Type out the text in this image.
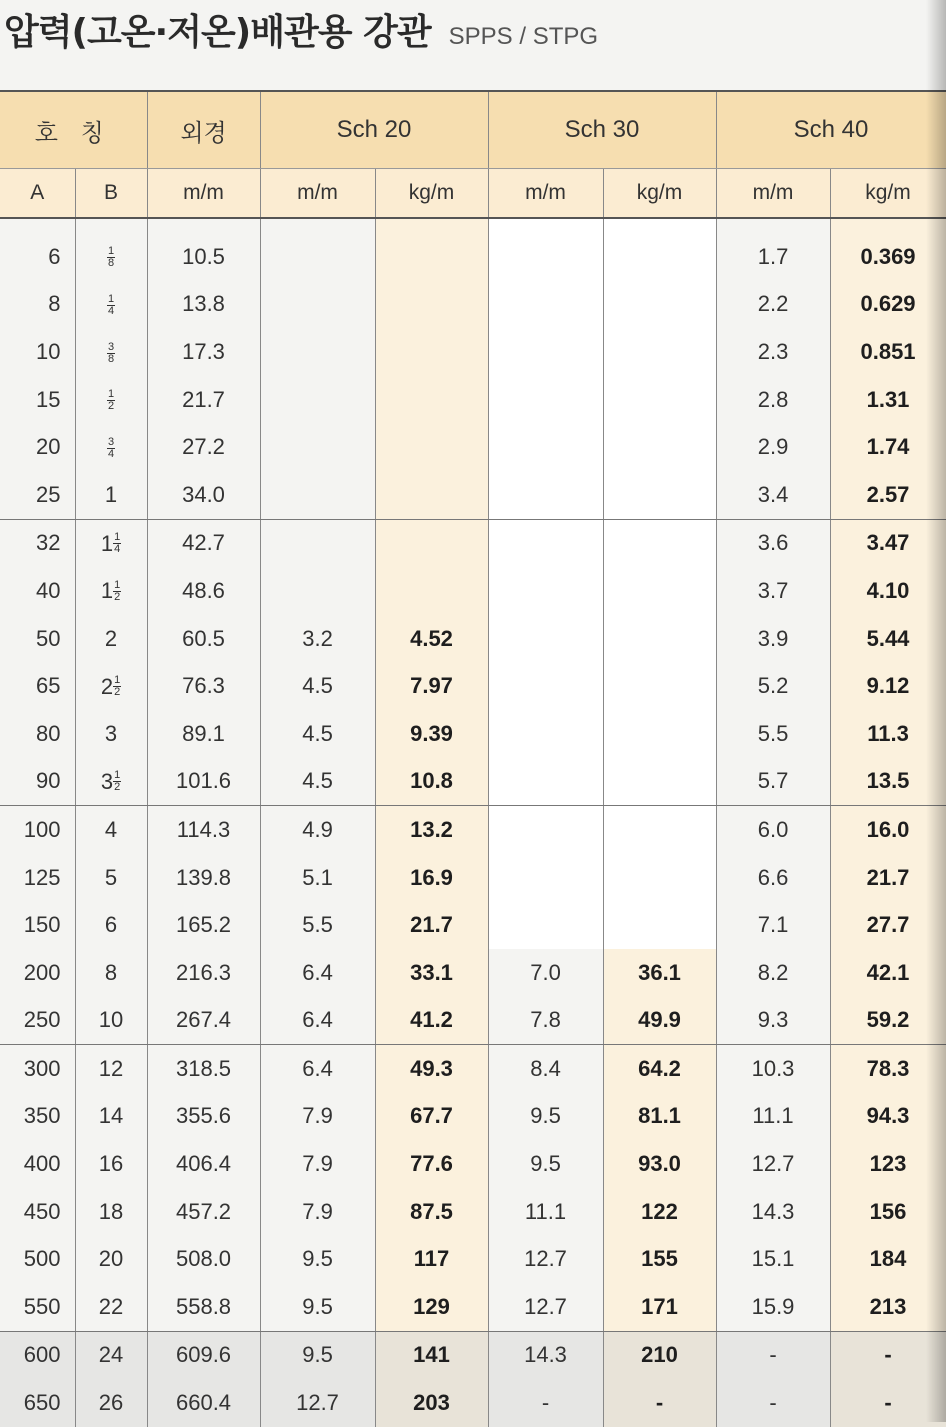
압력(고온·저온)배관용 강관 SPPS / STPG
호 칭		외경	Sch 20		Sch 30		Sch 40	
A	B	m/m	m/m	kg/m	m/m	kg/m	m/m	kg/m
6	$\frac{1}{8}$	10.5					1.7	0.369
8	$\frac{1}{4}$	13.8					2.2	0.629
10	$\frac{3}{8}$	17.3					2.3	0.851
15	$\frac{1}{2}$	21.7					2.8	1.31
20	$\frac{3}{4}$	27.2					2.9	1.74
25	1	34.0					3.4	2.57
32	$1 \frac{1}{4}$	42.7					3.6	3.47
40	$1 \frac{1}{2}$	48.6					3.7	4.10
50	2	60.5	3.2	4.52			3.9	5.44
65	$2 \frac{1}{2}$	76.3	4.5	7.97			5.2	9.12
80	3	89.1	4.5	9.39			5.5	11.3
90	$3 \frac{1}{2}$	101.6	4.5	10.8			5.7	13.5
100	4	114.3	4.9	13.2			6.0	16.0
125	5	139.8	5.1	16.9			6.6	21.7
150	6	165.2	5.5	21.7			7.1	27.7
200	8	216.3	6.4	33.1	7.0	36.1	8.2	42.1
250	10	267.4	6.4	41.2	7.8	49.9	9.3	59.2
300	12	318.5	6.4	49.3	8.4	64.2	10.3	78.3
350	14	355.6	7.9	67.7	9.5	81.1	11.1	94.3
400	16	406.4	7.9	77.6	9.5	93.0	12.7	123
450	18	457.2	7.9	87.5	11.1	122	14.3	156
500	20	508.0	9.5	117	12.7	155	15.1	184
550	22	558.8	9.5	129	12.7	171	15.9	213
600	24	609.6	9.5	141	14.3	210	-	-
650	26	660.4	12.7	203	-	-	-	-
